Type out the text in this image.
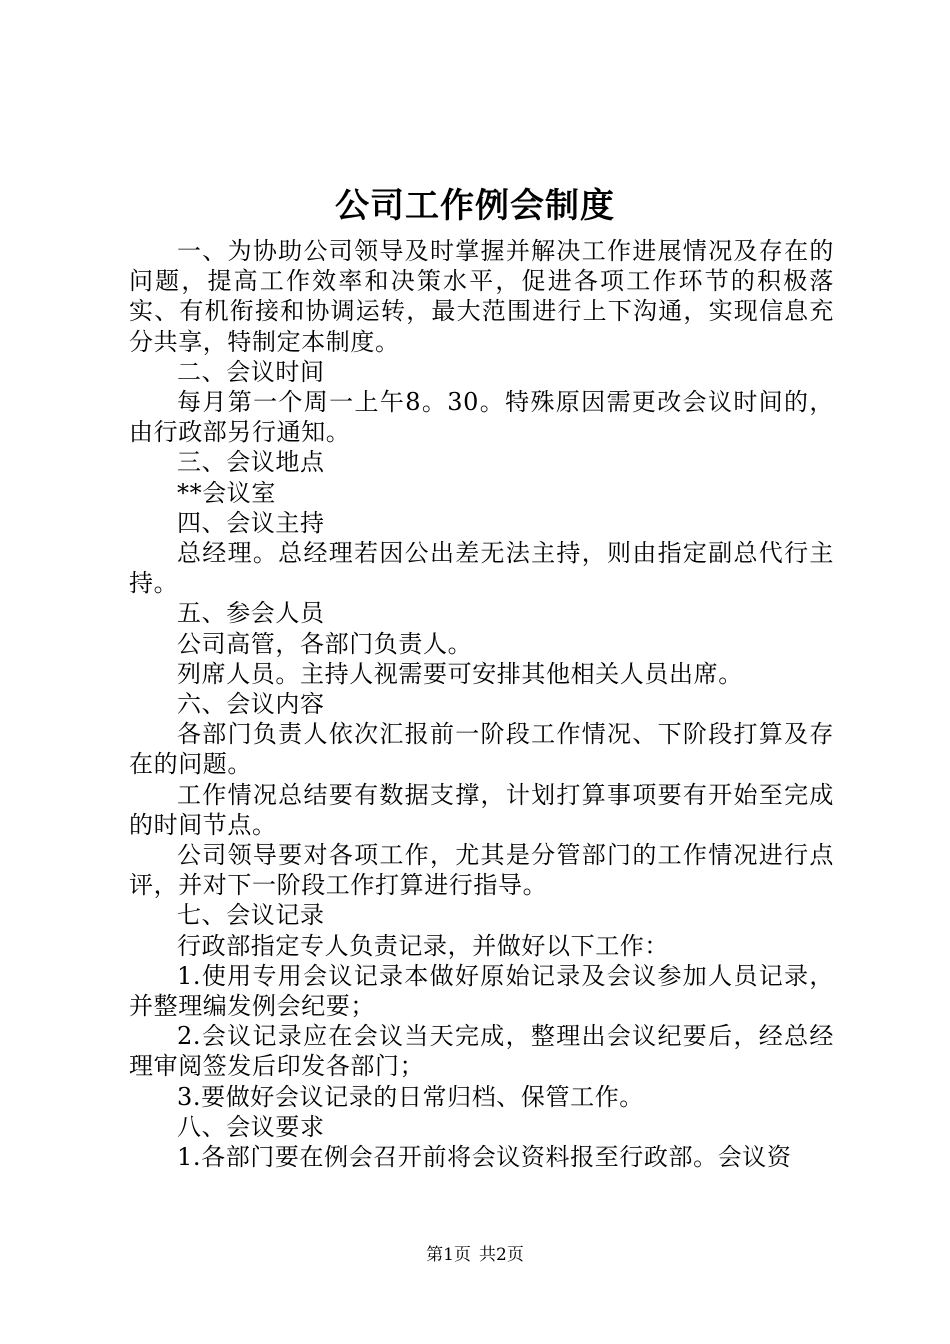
公司工作例会制度

一、为协助公司领导及时掌握并解决工作进展情况及存在的问题，提高工作效率和决策水平，促进各项工作环节的积极落实、有机衔接和协调运转，最大范围进行上下沟通，实现信息充分共享，特制定本制度。

二、会议时间

每月第一个周一上午8。30。特殊原因需更改会议时间的，由行政部另行通知。

三、会议地点

**会议室

四、会议主持

总经理。总经理若因公出差无法主持，则由指定副总代行主持。

五、参会人员

公司高管，各部门负责人。

列席人员。主持人视需要可安排其他相关人员出席。

六、会议内容

各部门负责人依次汇报前一阶段工作情况、下阶段打算及存在的问题。

工作情况总结要有数据支撑，计划打算事项要有开始至完成的时间节点。

公司领导要对各项工作，尤其是分管部门的工作情况进行点评，并对下一阶段工作打算进行指导。

七、会议记录

行政部指定专人负责记录，并做好以下工作：

1.使用专用会议记录本做好原始记录及会议参加人员记录，并整理编发例会纪要；

2.会议记录应在会议当天完成，整理出会议纪要后，经总经理审阅签发后印发各部门；

3.要做好会议记录的日常归档、保管工作。

八、会议要求

1.各部门要在例会召开前将会议资料报至行政部。会议资

第1页 共2页
